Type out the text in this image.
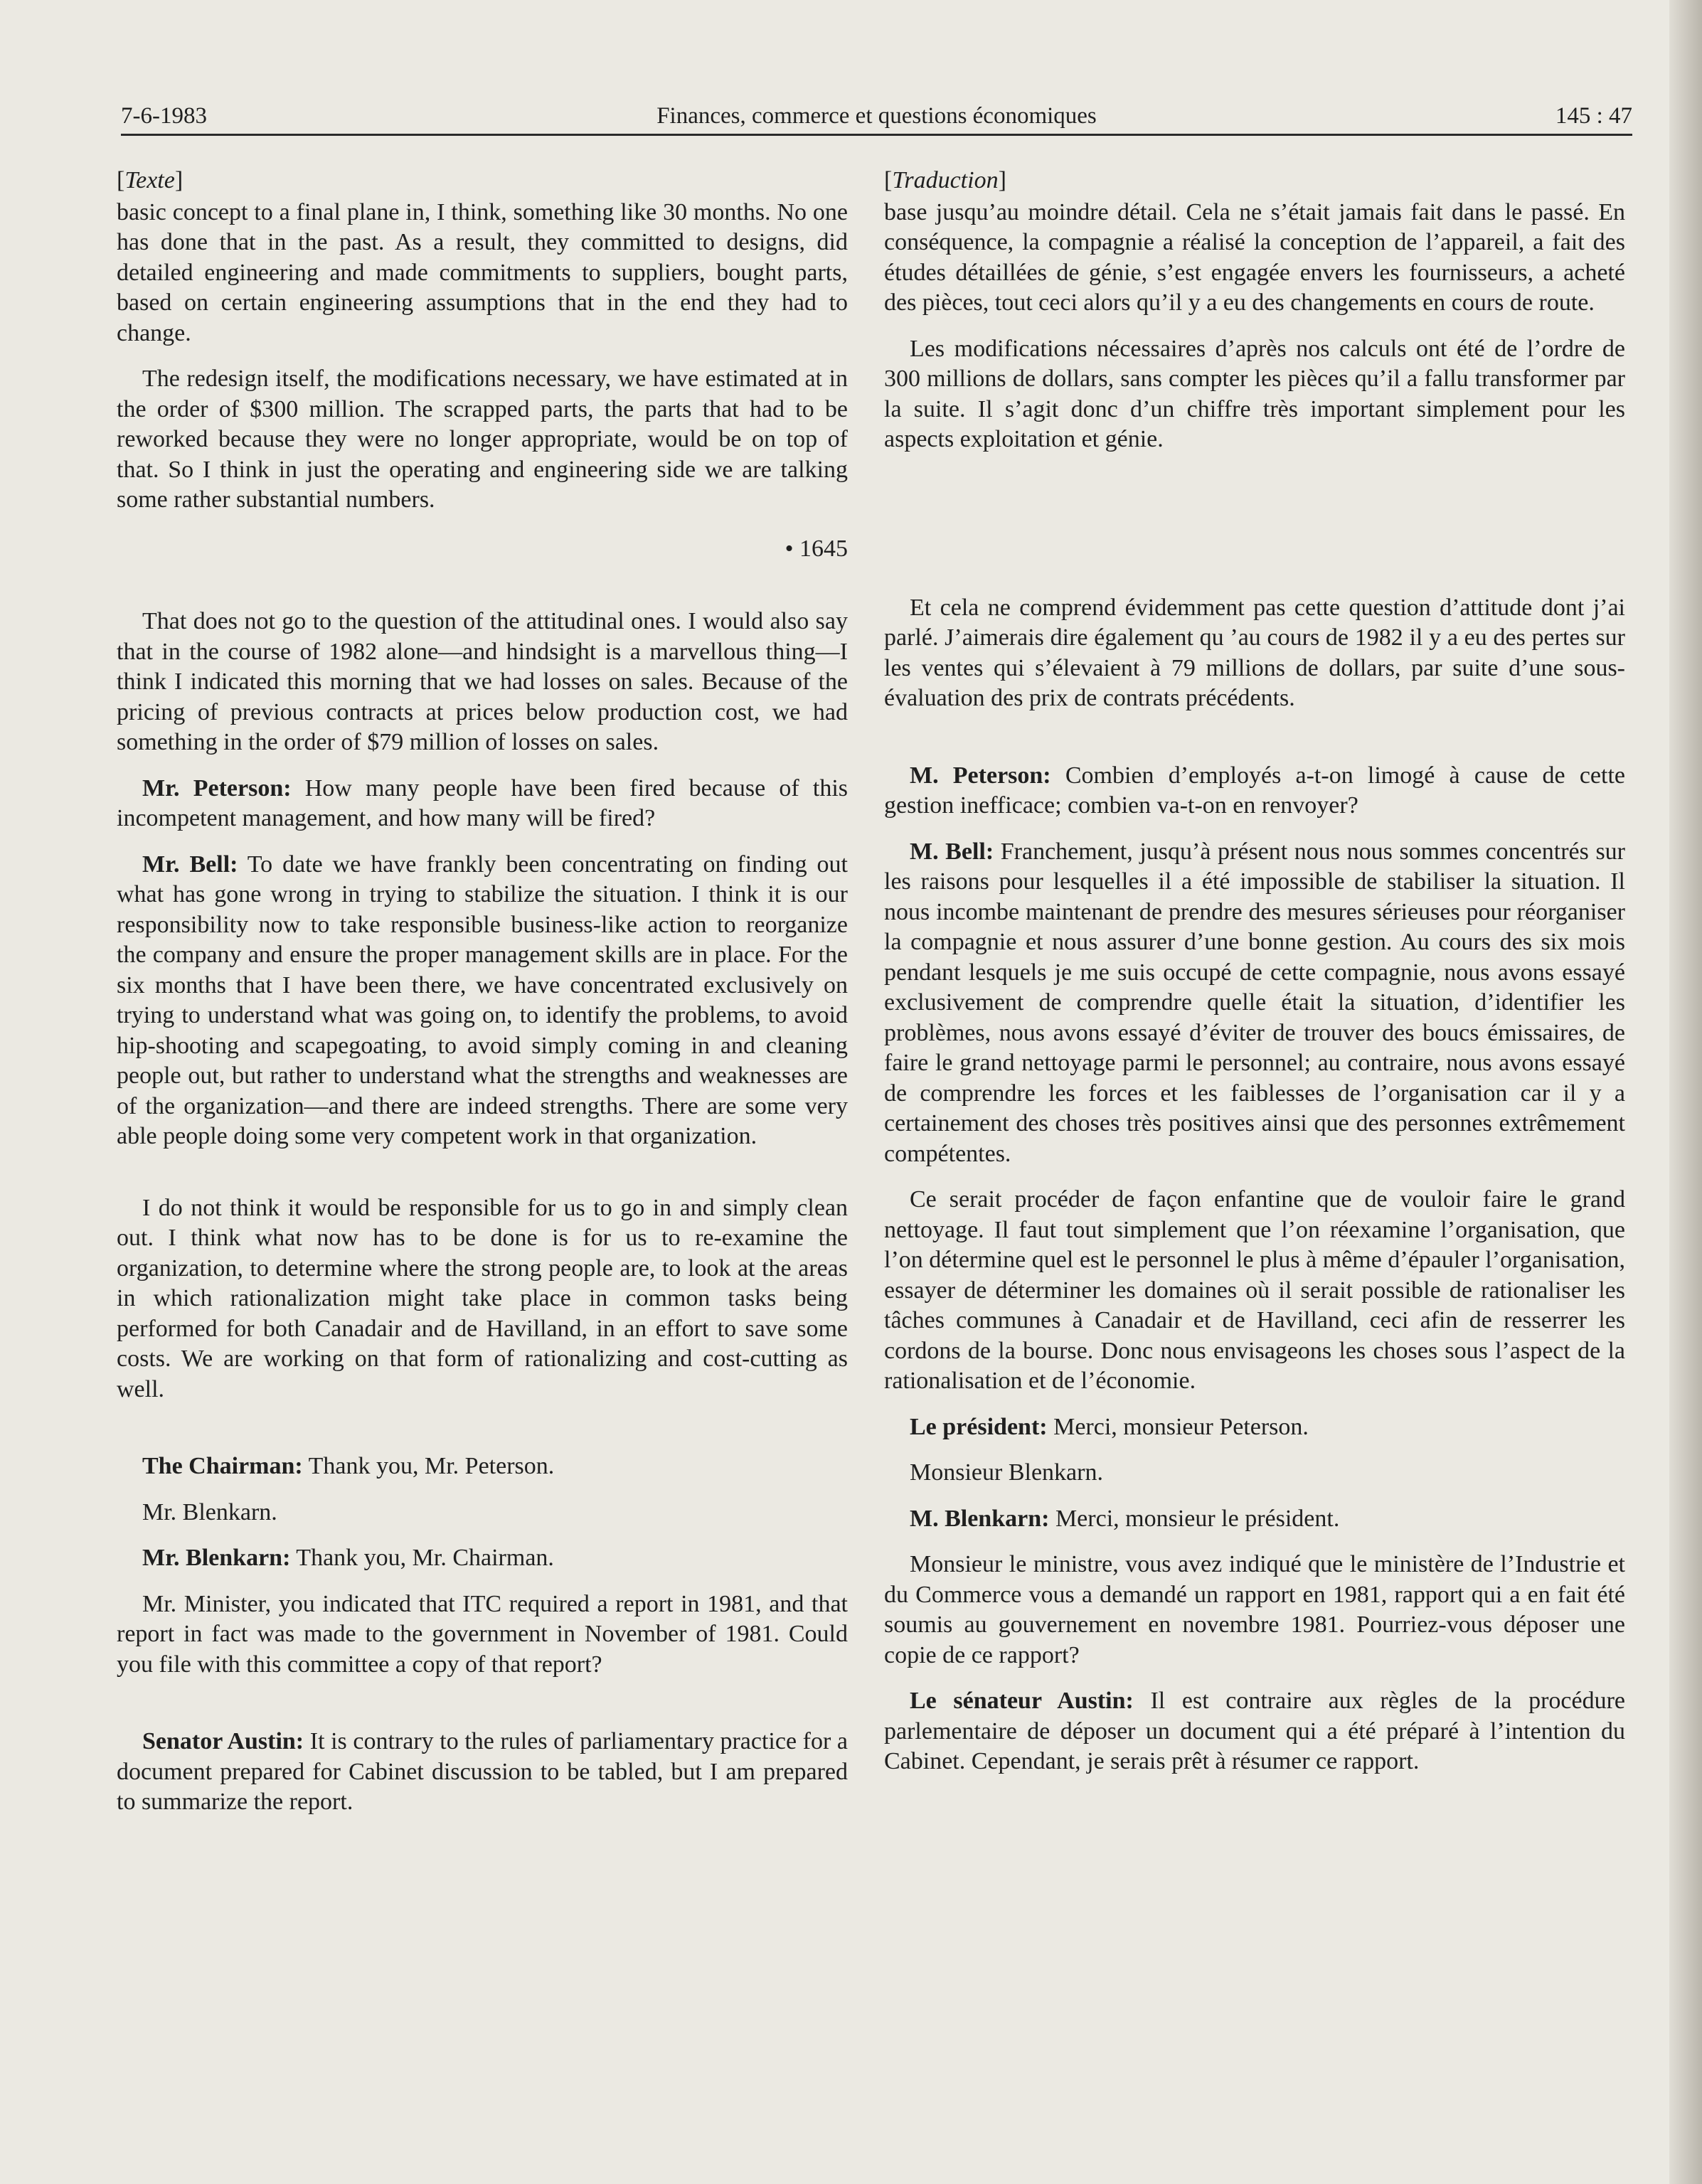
7-6-1983	Finances, commerce et questions économiques	145 : 47
[Texte]

basic concept to a final plane in, I think, something like 30 months. No one has done that in the past. As a result, they committed to designs, did detailed engineering and made commitments to suppliers, bought parts, based on certain engineering assumptions that in the end they had to change.

The redesign itself, the modifications necessary, we have estimated at in the order of $300 million. The scrapped parts, the parts that had to be reworked because they were no longer appropriate, would be on top of that. So I think in just the operating and engineering side we are talking some rather substantial numbers.

• 1645

That does not go to the question of the attitudinal ones. I would also say that in the course of 1982 alone—and hindsight is a marvellous thing—I think I indicated this morning that we had losses on sales. Because of the pricing of previous contracts at prices below production cost, we had something in the order of $79 million of losses on sales.

Mr. Peterson: How many people have been fired because of this incompetent management, and how many will be fired?

Mr. Bell: To date we have frankly been concentrating on finding out what has gone wrong in trying to stabilize the situation. I think it is our responsibility now to take responsible business-like action to reorganize the company and ensure the proper management skills are in place. For the six months that I have been there, we have concentrated exclusively on trying to understand what was going on, to identify the problems, to avoid hip-shooting and scapegoating, to avoid simply coming in and cleaning people out, but rather to understand what the strengths and weaknesses are of the organization—and there are indeed strengths. There are some very able people doing some very competent work in that organization.

I do not think it would be responsible for us to go in and simply clean out. I think what now has to be done is for us to re-examine the organization, to determine where the strong people are, to look at the areas in which rationalization might take place in common tasks being performed for both Canadair and de Havilland, in an effort to save some costs. We are working on that form of rationalizing and cost-cutting as well.

The Chairman: Thank you, Mr. Peterson.

Mr. Blenkarn.

Mr. Blenkarn: Thank you, Mr. Chairman.

Mr. Minister, you indicated that ITC required a report in 1981, and that report in fact was made to the government in November of 1981. Could you file with this committee a copy of that report?

Senator Austin: It is contrary to the rules of parliamentary practice for a document prepared for Cabinet discussion to be tabled, but I am prepared to summarize the report.

[Traduction]

base jusqu’au moindre détail. Cela ne s’était jamais fait dans le passé. En conséquence, la compagnie a réalisé la conception de l’appareil, a fait des études détaillées de génie, s’est engagée envers les fournisseurs, a acheté des pièces, tout ceci alors qu’il y a eu des changements en cours de route.

Les modifications nécessaires d’après nos calculs ont été de l’ordre de 300 millions de dollars, sans compter les pièces qu’il a fallu transformer par la suite. Il s’agit donc d’un chiffre très important simplement pour les aspects exploitation et génie.

Et cela ne comprend évidemment pas cette question d’attitude dont j’ai parlé. J’aimerais dire également qu ’au cours de 1982 il y a eu des pertes sur les ventes qui s’élevaient à 79 millions de dollars, par suite d’une sous-évaluation des prix de contrats précédents.

M. Peterson: Combien d’employés a-t-on limogé à cause de cette gestion inefficace; combien va-t-on en renvoyer?

M. Bell: Franchement, jusqu’à présent nous nous sommes concentrés sur les raisons pour lesquelles il a été impossible de stabiliser la situation. Il nous incombe maintenant de prendre des mesures sérieuses pour réorganiser la compagnie et nous assurer d’une bonne gestion. Au cours des six mois pendant lesquels je me suis occupé de cette compagnie, nous avons essayé exclusivement de comprendre quelle était la situation, d’identifier les problèmes, nous avons essayé d’éviter de trouver des boucs émissaires, de faire le grand nettoyage parmi le personnel; au contraire, nous avons essayé de comprendre les forces et les faiblesses de l’organisation car il y a certainement des choses très positives ainsi que des personnes extrêmement compétentes.

Ce serait procéder de façon enfantine que de vouloir faire le grand nettoyage. Il faut tout simplement que l’on réexamine l’organisation, que l’on détermine quel est le personnel le plus à même d’épauler l’organisation, essayer de déterminer les domaines où il serait possible de rationaliser les tâches communes à Canadair et de Havilland, ceci afin de resserrer les cordons de la bourse. Donc nous envisageons les choses sous l’aspect de la rationalisation et de l’économie.

Le président: Merci, monsieur Peterson.

Monsieur Blenkarn.

M. Blenkarn: Merci, monsieur le président.

Monsieur le ministre, vous avez indiqué que le ministère de l’Industrie et du Commerce vous a demandé un rapport en 1981, rapport qui a en fait été soumis au gouvernement en novembre 1981. Pourriez-vous déposer une copie de ce rapport?

Le sénateur Austin: Il est contraire aux règles de la procédure parlementaire de déposer un document qui a été préparé à l’intention du Cabinet. Cependant, je serais prêt à résumer ce rapport.
